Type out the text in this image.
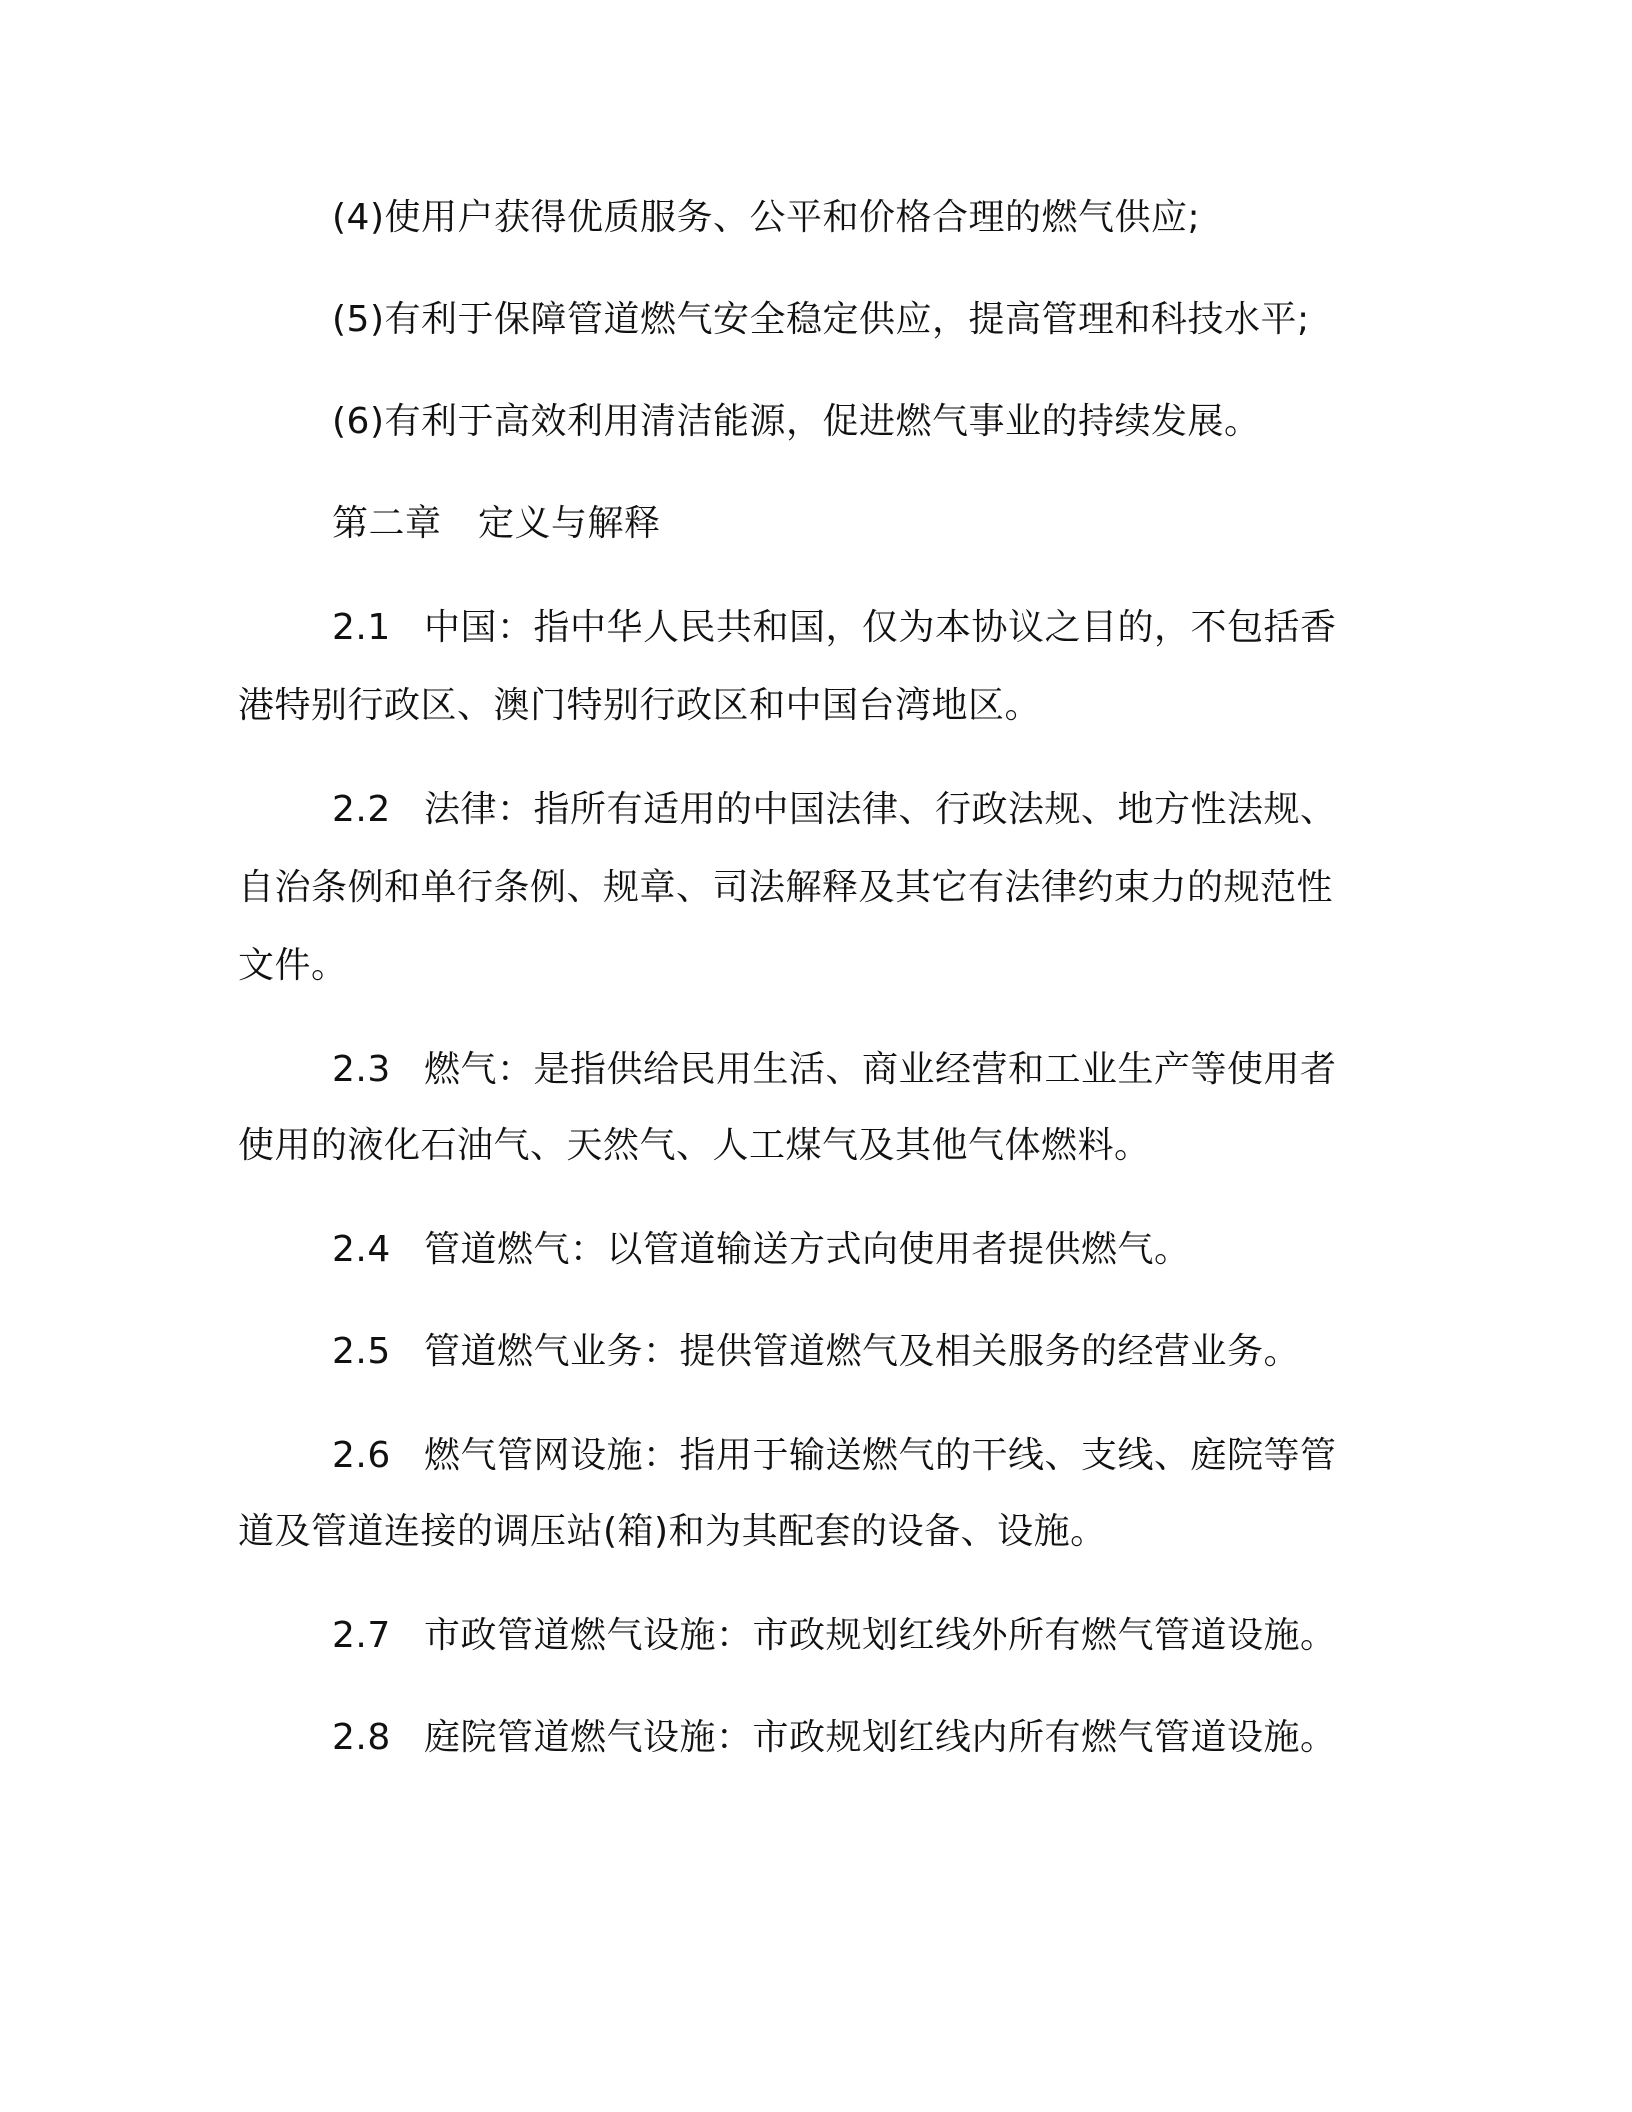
(4)使用户获得优质服务、公平和价格合理的燃气供应;
(5)有利于保障管道燃气安全稳定供应，提高管理和科技水平;
(6)有利于高效利用清洁能源，促进燃气事业的持续发展。
第二章　定义与解释
2.1 中国：指中华人民共和国，仅为本协议之目的，不包括香
港特别行政区、澳门特别行政区和中国台湾地区。
2.2 法律：指所有适用的中国法律、行政法规、地方性法规、
自治条例和单行条例、规章、司法解释及其它有法律约束力的规范性
文件。
2.3 燃气：是指供给民用生活、商业经营和工业生产等使用者
使用的液化石油气、天然气、人工煤气及其他气体燃料。
2.4 管道燃气：以管道输送方式向使用者提供燃气。
2.5 管道燃气业务：提供管道燃气及相关服务的经营业务。
2.6 燃气管网设施：指用于输送燃气的干线、支线、庭院等管
道及管道连接的调压站(箱)和为其配套的设备、设施。
2.7 市政管道燃气设施：市政规划红线外所有燃气管道设施。
2.8 庭院管道燃气设施：市政规划红线内所有燃气管道设施。
